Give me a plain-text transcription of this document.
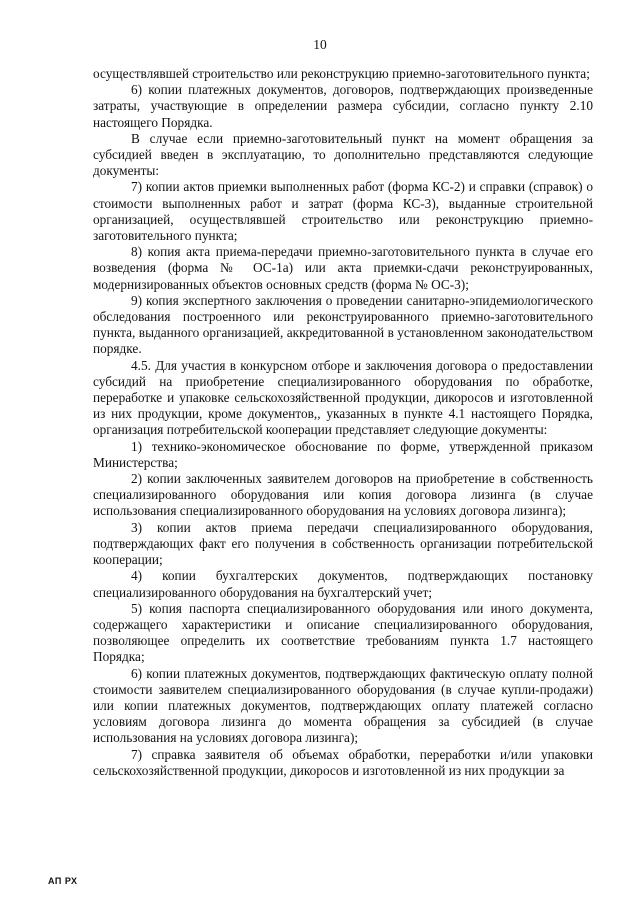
10

осуществлявшей строительство или реконструкцию приемно-заготовительного пункта;

6) копии платежных документов, договоров, подтверждающих произведенные затраты, участвующие в определении размера субсидии, согласно пункту 2.10 настоящего Порядка.

В случае если приемно-заготовительный пункт на момент обращения за субсидией введен в эксплуатацию, то дополнительно представляются следующие документы:

7) копии актов приемки выполненных работ (форма КС-2) и справки (справок) о стоимости выполненных работ и затрат (форма КС-3), выданные строительной организацией, осуществлявшей строительство или реконструкцию приемно-заготовительного пункта;

8) копия акта приема-передачи приемно-заготовительного пункта в случае его возведения (форма № ОС-1а) или акта приемки-сдачи реконструированных, модернизированных объектов основных средств (форма № ОС-3);

9) копия экспертного заключения о проведении санитарно-эпидемиологического обследования построенного или реконструированного приемно-заготовительного пункта, выданного организацией, аккредитованной в установленном законодательством порядке.

4.5. Для участия в конкурсном отборе и заключения договора о предоставлении субсидий на приобретение специализированного оборудования по обработке, переработке и упаковке сельскохозяйственной продукции, дикоросов и изготовленной из них продукции, кроме документов,, указанных в пункте 4.1 настоящего Порядка, организация потребительской кооперации представляет следующие документы:

1) технико-экономическое обоснование по форме, утвержденной приказом Министерства;

2) копии заключенных заявителем договоров на приобретение в собственность специализированного оборудования или копия договора лизинга (в случае использования специализированного оборудования на условиях договора лизинга);

3) копии актов приема передачи специализированного оборудования, подтверждающих факт его получения в собственность организации потребительской кооперации;

4) копии бухгалтерских документов, подтверждающих постановку специализированного оборудования на бухгалтерский учет;

5) копия паспорта специализированного оборудования или иного документа, содержащего характеристики и описание специализированного оборудования, позволяющее определить их соответствие требованиям пункта 1.7 настоящего Порядка;

6) копии платежных документов, подтверждающих фактическую оплату полной стоимости заявителем специализированного оборудования (в случае купли-продажи) или копии платежных документов, подтверждающих оплату платежей согласно условиям договора лизинга до момента обращения за субсидией (в случае использования на условиях договора лизинга);

7) справка заявителя об объемах обработки, переработки и/или упаковки сельскохозяйственной продукции, дикоросов и изготовленной из них продукции за

АП РХ
